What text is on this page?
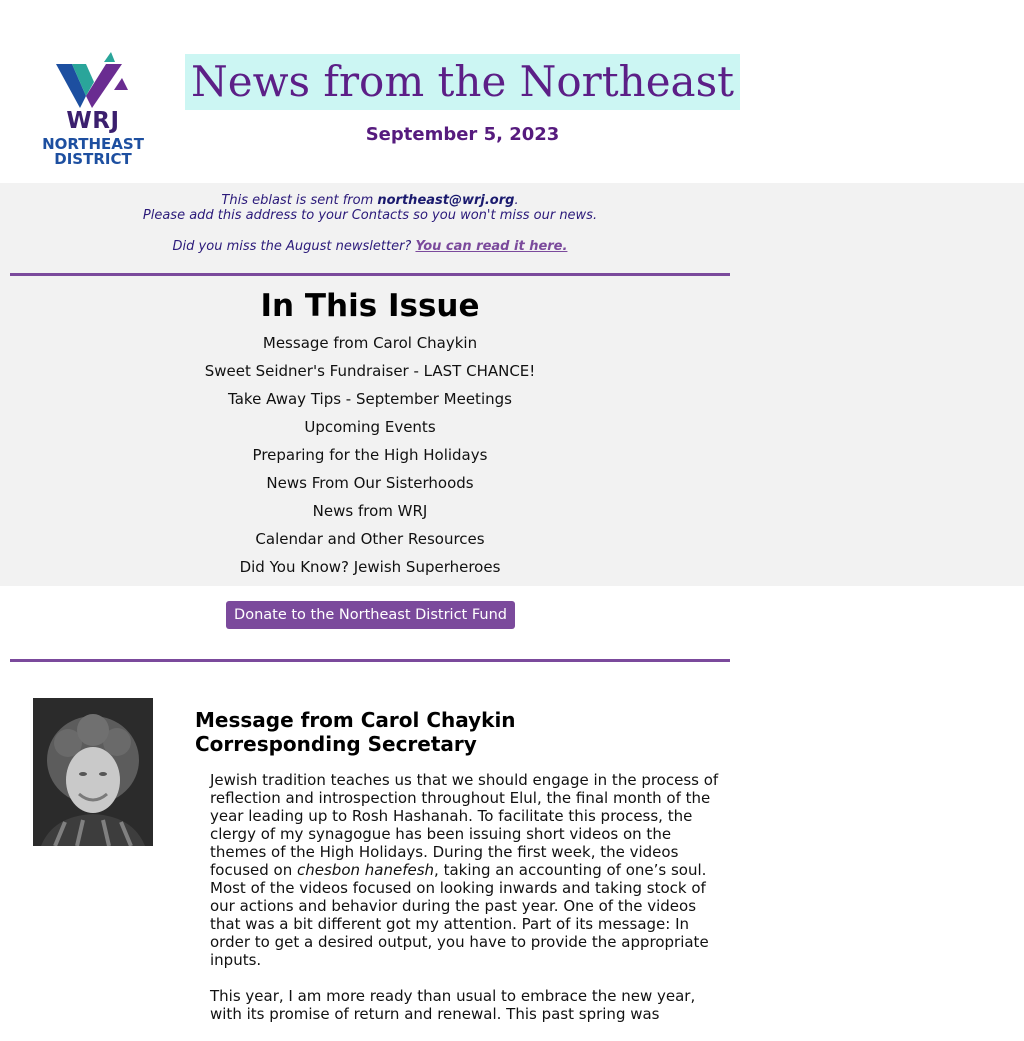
WRJ
NORTHEAST
DISTRICT
News from the Northeast
September 5, 2023
This eblast is sent from northeast@wrj.org.
Please add this address to your Contacts so you won't miss our news.
Did you miss the August newsletter? You can read it here.
In This Issue
Message from Carol Chaykin
Sweet Seidner's Fundraiser - LAST CHANCE!
Take Away Tips - September Meetings
Upcoming Events
Preparing for the High Holidays
News From Our Sisterhoods
News from WRJ
Calendar and Other Resources
Did You Know? Jewish Superheroes
Donate to the Northeast District Fund
Message from Carol Chaykin
Corresponding Secretary

Jewish tradition teaches us that we should engage in the process of reflection and introspection throughout Elul, the final month of the year leading up to Rosh Hashanah. To facilitate this process, the clergy of my synagogue has been issuing short videos on the themes of the High Holidays. During the first week, the videos focused on chesbon hanefesh, taking an accounting of one’s soul. Most of the videos focused on looking inwards and taking stock of our actions and behavior during the past year. One of the videos that was a bit different got my attention. Part of its message: In order to get a desired output, you have to provide the appropriate inputs.

This year, I am more ready than usual to embrace the new year, with its promise of return and renewal. This past spring was
